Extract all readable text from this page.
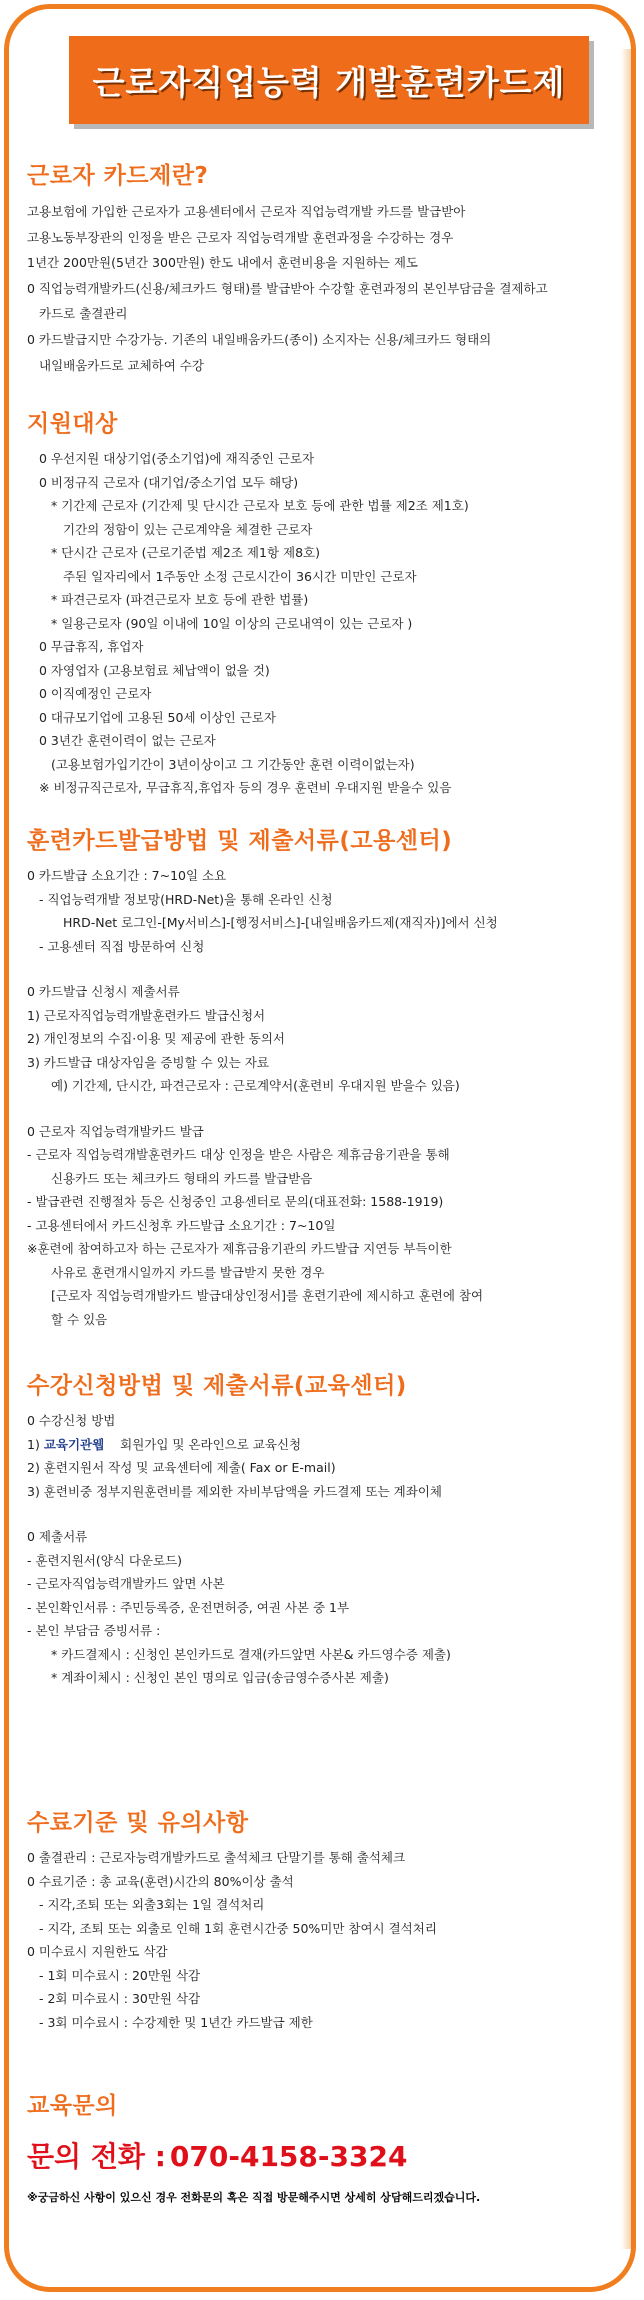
근로자직업능력 개발훈련카드제
근로자 카드제란?
고용보험에 가입한 근로자가 고용센터에서 근로자 직업능력개발 카드를 발급받아
고용노동부장관의 인정을 받은 근로자 직업능력개발 훈련과정을 수강하는 경우
1년간 200만원(5년간 300만원) 한도 내에서 훈련비용을 지원하는 제도
0 직업능력개발카드(신용/체크카드 형태)를 발급받아 수강할 훈련과정의 본인부담금을 결제하고
카드로 출결관리
0 카드발급지만 수강가능. 기존의 내일배움카드(종이) 소지자는 신용/체크카드 형태의
내일배움카드로 교체하여 수강
지원대상
0 우선지원 대상기업(중소기업)에 재직중인 근로자
0 비정규직 근로자 (대기업/중소기업 모두 해당)
* 기간제 근로자 (기간제 및 단시간 근로자 보호 등에 관한 법률 제2조 제1호)
기간의 정함이 있는 근로계약을 체결한 근로자
* 단시간 근로자 (근로기준법 제2조 제1항 제8호)
주된 일자리에서 1주동안 소정 근로시간이 36시간 미만인 근로자
* 파견근로자 (파견근로자 보호 등에 관한 법률)
* 일용근로자 (90일 이내에 10일 이상의 근로내역이 있는 근로자 )
0 무급휴직, 휴업자
0 자영업자 (고용보험료 체납액이 없을 것)
0 이직예정인 근로자
0 대규모기업에 고용된 50세 이상인 근로자
0 3년간 훈련이력이 없는 근로자
(고용보험가입기간이 3년이상이고 그 기간동안 훈련 이력이없는자)
※ 비정규직근로자, 무급휴직,휴업자 등의 경우 훈련비 우대지원 받을수 있음
훈련카드발급방법 및 제출서류(고용센터)
0 카드발급 소요기간 : 7~10일 소요
- 직업능력개발 정보망(HRD-Net)을 통해 온라인 신청
HRD-Net 로그인-[My서비스]-[행정서비스]-[내일배움카드제(재직자)]에서 신청
- 고용센터 직접 방문하여 신청
0 카드발급 신청시 제출서류
1) 근로자직업능력개발훈련카드 발급신청서
2) 개인정보의 수집·이용 및 제공에 관한 동의서
3) 카드발급 대상자임을 증빙할 수 있는 자료
예) 기간제, 단시간, 파견근로자 : 근로계약서(훈련비 우대지원 받을수 있음)
0 근로자 직업능력개발카드 발급
- 근로자 직업능력개발훈련카드 대상 인정을 받은 사람은 제휴금융기관을 통해
신용카드 또는 체크카드 형태의 카드를 발급받음
- 발급관련 진행절차 등은 신청중인 고용센터로 문의(대표전화: 1588-1919)
- 고용센터에서 카드신청후 카드발급 소요기간 : 7~10일
※훈련에 참여하고자 하는 근로자가 제휴금융기관의 카드발급 지연등 부득이한
사유로 훈련개시일까지 카드를 발급받지 못한 경우
[근로자 직업능력개발카드 발급대상인정서]를 훈련기관에 제시하고 훈련에 참여
할 수 있음
수강신청방법 및 제출서류(교육센터)
0 수강신청 방법
1) 교육기관웹 회원가입 및 온라인으로 교육신청
2) 훈련지원서 작성 및 교육센터에 제출( Fax or E-mail)
3) 훈련비중 정부지원훈련비를 제외한 자비부담액을 카드결제 또는 계좌이체
0 제출서류
- 훈련지원서(양식 다운로드)
- 근로자직업능력개발카드 앞면 사본
- 본인확인서류 : 주민등록증, 운전면허증, 여권 사본 중 1부
- 본인 부담금 증빙서류 :
* 카드결제시 : 신청인 본인카드로 결재(카드앞면 사본& 카드영수증 제출)
* 계좌이체시 : 신청인 본인 명의로 입금(송금영수증사본 제출)
수료기준 및 유의사항
0 출결관리 : 근로자능력개발카드로 출석체크 단말기를 통해 출석체크
0 수료기준 : 총 교육(훈련)시간의 80%이상 출석
- 지각,조퇴 또는 외출3회는 1일 결석처리
- 지각, 조퇴 또는 외출로 인해 1회 훈련시간중 50%미만 참여시 결석처리
0 미수료시 지원한도 삭감
- 1회 미수료시 : 20만원 삭감
- 2회 미수료시 : 30만원 삭감
- 3회 미수료시 : 수강제한 및 1년간 카드발급 제한
교육문의
문의 전화 : 070-4158-3324
※궁금하신 사항이 있으신 경우 전화문의 혹은 직접 방문해주시면 상세히 상담해드리겠습니다.
